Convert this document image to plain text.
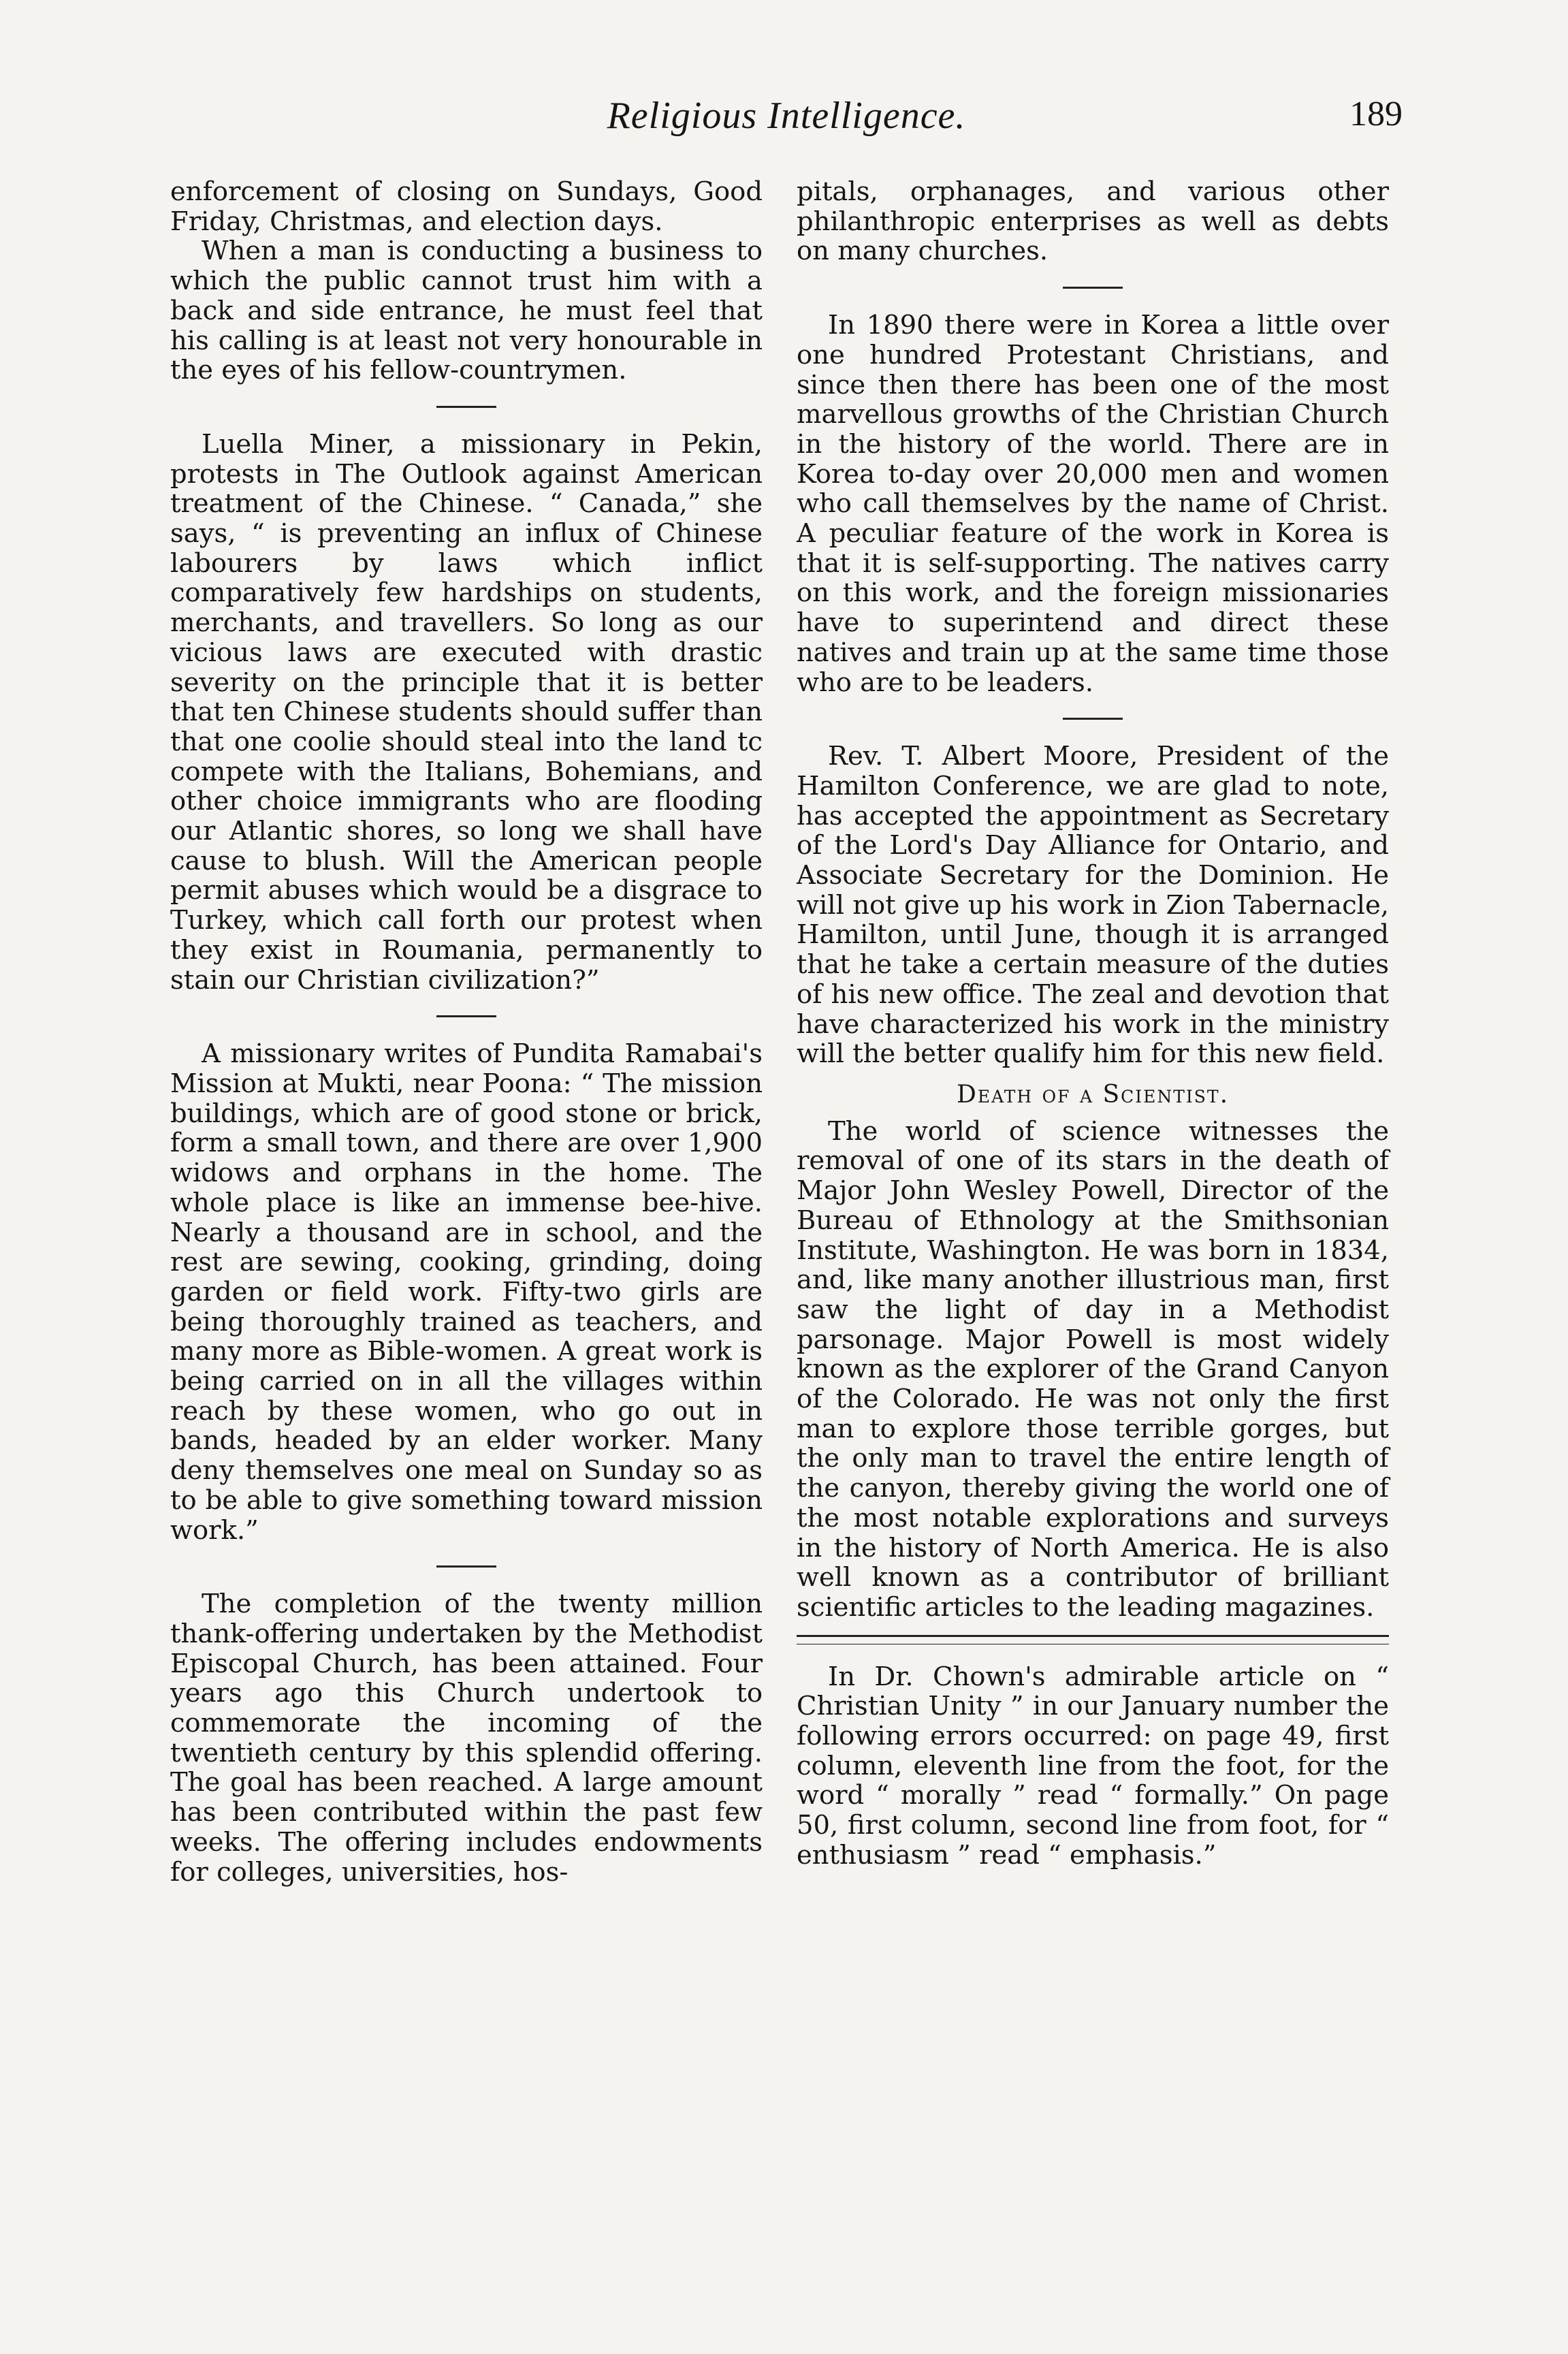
Religious Intelligence.	189

enforcement of closing on Sundays, Good Friday, Christmas, and election days.

When a man is conducting a business to which the public cannot trust him with a back and side entrance, he must feel that his calling is at least not very honourable in the eyes of his fellow-countrymen.

Luella Miner, a missionary in Pekin, protests in The Outlook against American treatment of the Chinese. “ Canada,” she says, “ is preventing an influx of Chinese labourers by laws which inflict comparatively few hardships on students, merchants, and travellers. So long as our vicious laws are executed with drastic severity on the principle that it is better that ten Chinese students should suffer than that one coolie should steal into the land tc compete with the Italians, Bohemians, and other choice immigrants who are flooding our Atlantic shores, so long we shall have cause to blush. Will the American people permit abuses which would be a disgrace to Turkey, which call forth our protest when they exist in Roumania, permanently to stain our Christian civilization?”

A missionary writes of Pundita Ramabai's Mission at Mukti, near Poona: “ The mission buildings, which are of good stone or brick, form a small town, and there are over 1,900 widows and orphans in the home. The whole place is like an immense bee-hive. Nearly a thousand are in school, and the rest are sewing, cooking, grinding, doing garden or field work. Fifty-two girls are being thoroughly trained as teachers, and many more as Bible-women. A great work is being carried on in all the villages within reach by these women, who go out in bands, headed by an elder worker. Many deny themselves one meal on Sunday so as to be able to give something toward mission work.”

The completion of the twenty million thank-offering undertaken by the Methodist Episcopal Church, has been attained. Four years ago this Church undertook to commemorate the incoming of the twentieth century by this splendid offering. The goal has been reached. A large amount has been contributed within the past few weeks. The offering includes endowments for colleges, universities, hos-

pitals, orphanages, and various other philanthropic enterprises as well as debts on many churches.

In 1890 there were in Korea a little over one hundred Protestant Christians, and since then there has been one of the most marvellous growths of the Christian Church in the history of the world. There are in Korea to-day over 20,000 men and women who call themselves by the name of Christ. A peculiar feature of the work in Korea is that it is self-supporting. The natives carry on this work, and the foreign missionaries have to superintend and direct these natives and train up at the same time those who are to be leaders.

Rev. T. Albert Moore, President of the Hamilton Conference, we are glad to note, has accepted the appointment as Secretary of the Lord's Day Alliance for Ontario, and Associate Secretary for the Dominion. He will not give up his work in Zion Tabernacle, Hamilton, until June, though it is arranged that he take a certain measure of the duties of his new office. The zeal and devotion that have characterized his work in the ministry will the better qualify him for this new field.

Death of a Scientist.

The world of science witnesses the removal of one of its stars in the death of Major John Wesley Powell, Director of the Bureau of Ethnology at the Smithsonian Institute, Washington. He was born in 1834, and, like many another illustrious man, first saw the light of day in a Methodist parsonage. Major Powell is most widely known as the explorer of the Grand Canyon of the Colorado. He was not only the first man to explore those terrible gorges, but the only man to travel the entire length of the canyon, thereby giving the world one of the most notable explorations and surveys in the history of North America. He is also well known as a contributor of brilliant scientific articles to the leading magazines.

In Dr. Chown's admirable article on “ Christian Unity ” in our January number the following errors occurred: on page 49, first column, eleventh line from the foot, for the word “ morally ” read “ formally.” On page 50, first column, second line from foot, for “ enthusiasm ” read “ emphasis.”
